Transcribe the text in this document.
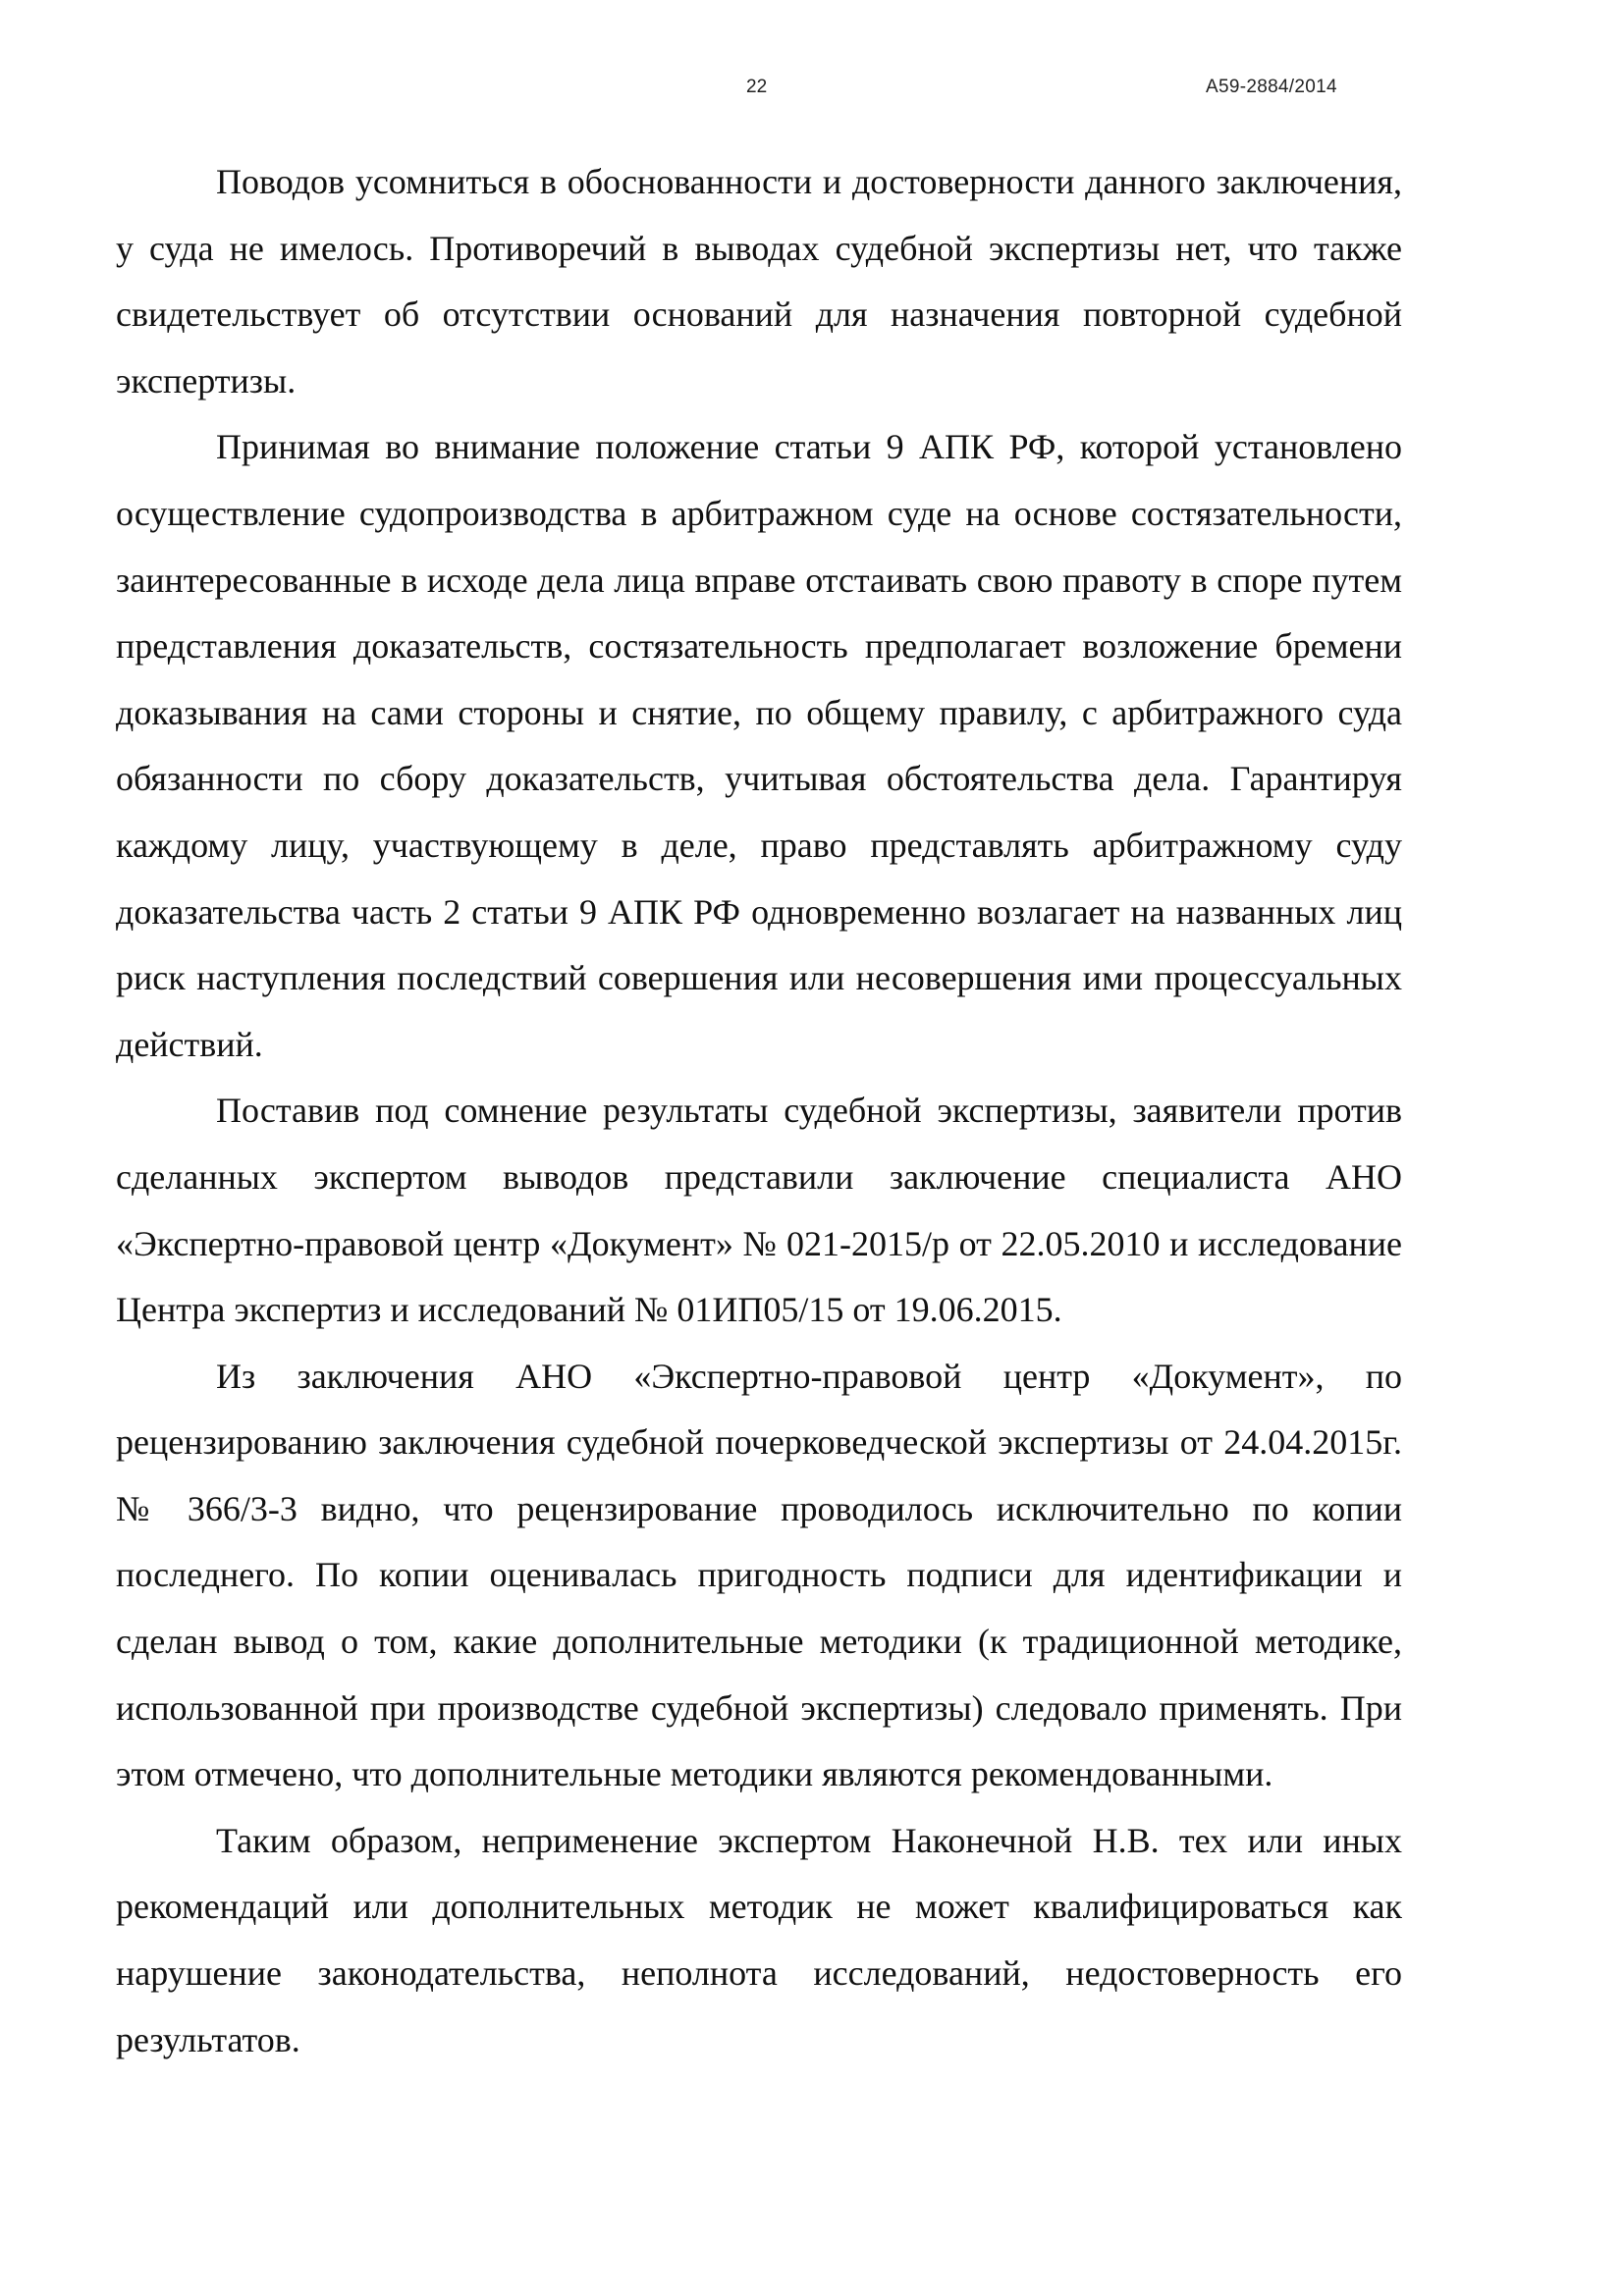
22	А59-2884/2014

Поводов усомниться в обоснованности и достоверности данного заключения, у суда не имелось. Противоречий в выводах судебной экспертизы нет, что также свидетельствует об отсутствии оснований для назначения повторной судебной экспертизы.

Принимая во внимание положение статьи 9 АПК РФ, которой установлено осуществление судопроизводства в арбитражном суде на основе состязательности, заинтересованные в исходе дела лица вправе отстаивать свою правоту в споре путем представления доказательств, состязательность предполагает возложение бремени доказывания на сами стороны и снятие, по общему правилу, с арбитражного суда обязанности по сбору доказательств, учитывая обстоятельства дела. Гарантируя каждому лицу, участвующему в деле, право представлять арбитражному суду доказательства часть 2 статьи 9 АПК РФ одновременно возлагает на названных лиц риск наступления последствий совершения или несовершения ими процессуальных действий.

Поставив под сомнение результаты судебной экспертизы, заявители против сделанных экспертом выводов представили заключение специалиста АНО «Экспертно-правовой центр «Документ» № 021-2015/р от 22.05.2010 и исследование Центра экспертиз и исследований № 01ИП05/15 от 19.06.2015.

Из заключения АНО «Экспертно-правовой центр «Документ», по рецензированию заключения судебной почерковедческой экспертизы от 24.04.2015г. № 366/3-3 видно, что рецензирование проводилось исключительно по копии последнего. По копии оценивалась пригодность подписи для идентификации и сделан вывод о том, какие дополнительные методики (к традиционной методике, использованной при производстве судебной экспертизы) следовало применять. При этом отмечено, что дополнительные методики являются рекомендованными.

Таким образом, неприменение экспертом Наконечной Н.В. тех или иных рекомендаций или дополнительных методик не может квалифицироваться как нарушение законодательства, неполнота исследований, недостоверность его результатов.
